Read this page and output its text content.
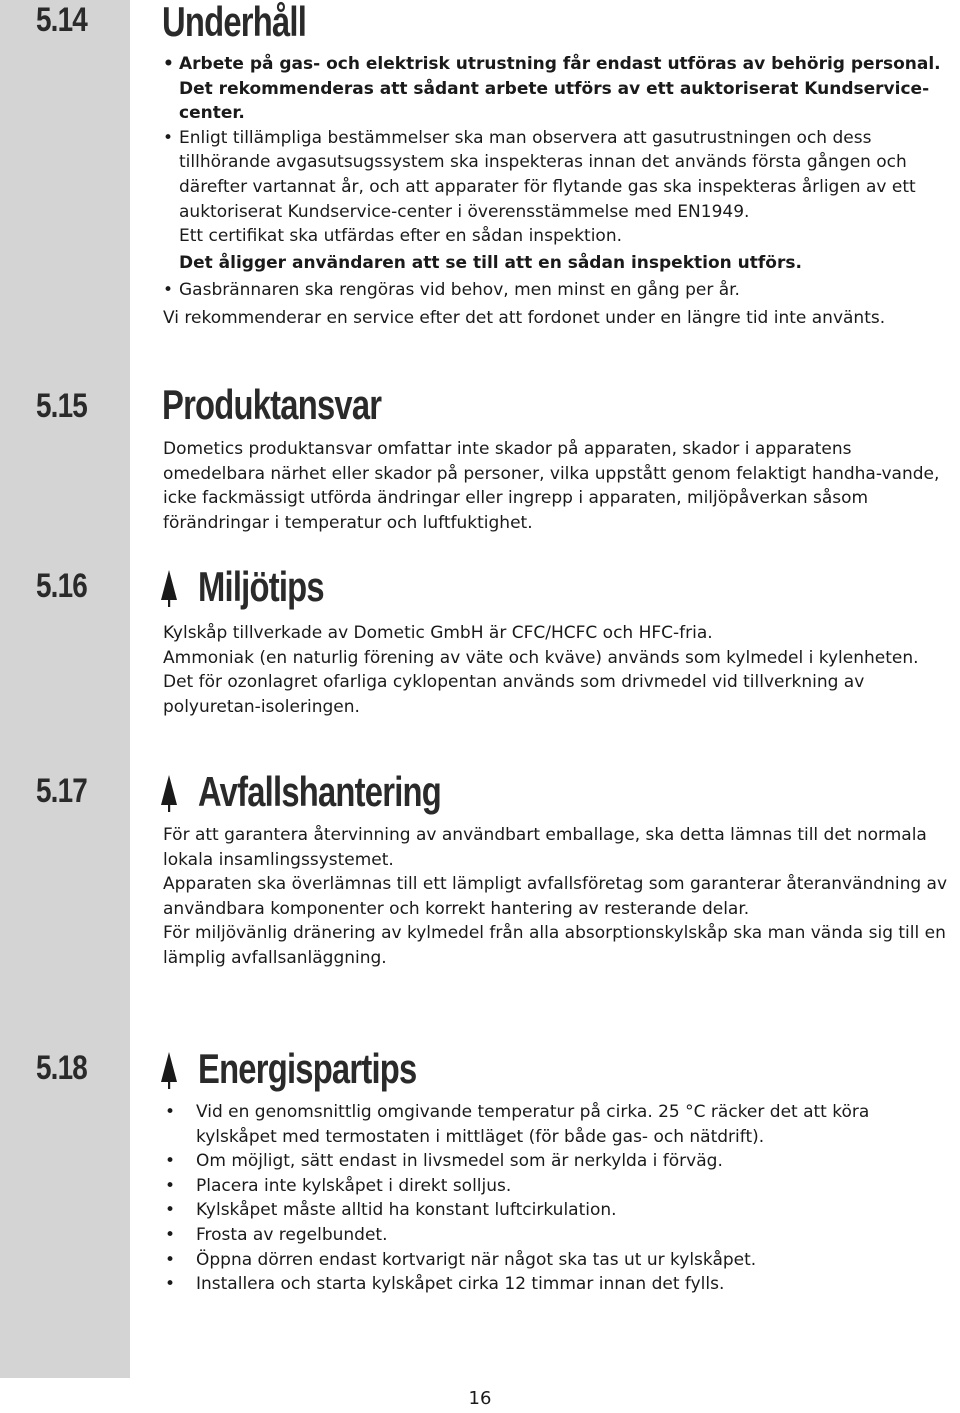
5.14 Underhåll

• Arbete på gas- och elektrisk utrustning får endast utföras av behörig personal. Det rekommenderas att sådant arbete utförs av ett auktoriserat Kundservice-center.

• Enligt tillämpliga bestämmelser ska man observera att gasutrustningen och dess tillhörande avgasutsugssystem ska inspekteras innan det används första gången och därefter vartannat år, och att apparater för flytande gas ska inspekteras årligen av ett auktoriserat Kundservice-center i överensstämmelse med EN1949.

Ett certifikat ska utfärdas efter en sådan inspektion.

Det åligger användaren att se till att en sådan inspektion utförs.

• Gasbrännaren ska rengöras vid behov, men minst en gång per år.

Vi rekommenderar en service efter det att fordonet under en längre tid inte använts.

5.15 Produktansvar

Dometics produktansvar omfattar inte skador på apparaten, skador i apparatens omedelbara närhet eller skador på personer, vilka uppstått genom felaktigt handha-vande, icke fackmässigt utförda ändringar eller ingrepp i apparaten, miljöpåverkan såsom förändringar i temperatur och luftfuktighet.

5.16	Miljötips

Kylskåp tillverkade av Dometic GmbH är CFC/HCFC och HFC-fria.

Ammoniak (en naturlig förening av väte och kväve) används som kylmedel i kylenheten. Det för ozonlagret ofarliga cyklopentan används som drivmedel vid tillverkning av polyuretan-isoleringen.

5.17	Avfallshantering

För att garantera återvinning av användbart emballage, ska detta lämnas till det normala lokala insamlingssystemet.

Apparaten ska överlämnas till ett lämpligt avfallsföretag som garanterar återanvändning av användbara komponenter och korrekt hantering av resterande delar.

För miljövänlig dränering av kylmedel från alla absorptionskylskåp ska man vända sig till en lämplig avfallsanläggning.

5.18	Energispartips
• Vid en genomsnittlig omgivande temperatur på cirka. 25 °C räcker det att köra kylskåpet med termostaten i mittläget (för både gas- och nätdrift).
• Om möjligt, sätt endast in livsmedel som är nerkylda i förväg.
• Placera inte kylskåpet i direkt solljus.
• Kylskåpet måste alltid ha konstant luftcirkulation.
• Frosta av regelbundet.
• Öppna dörren endast kortvarigt när något ska tas ut ur kylskåpet.
• Installera och starta kylskåpet cirka 12 timmar innan det fylls.
16
